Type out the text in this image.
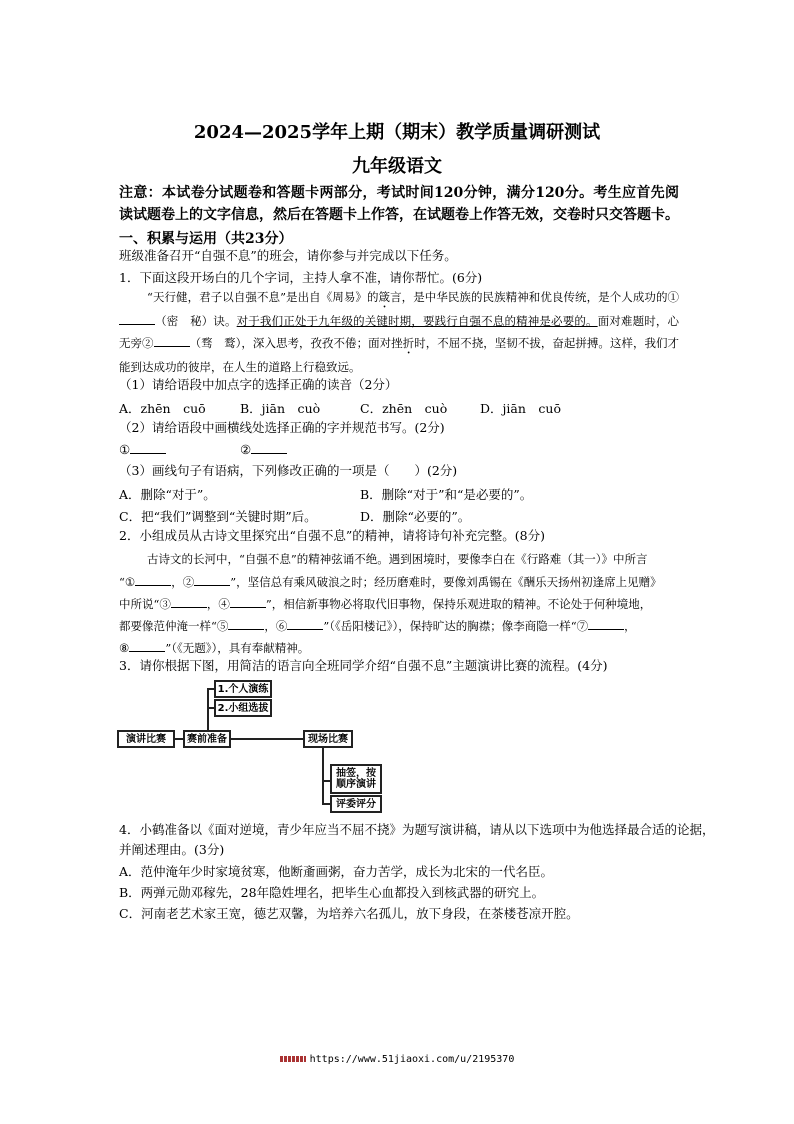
2024—2025学年上期（期末）教学质量调研测试
九年级语文
注意：本试卷分试题卷和答题卡两部分，考试时间120分钟，满分120分。考生应首先阅读试题卷上的文字信息，然后在答题卡上作答，在试题卷上作答无效，交卷时只交答题卡。
一、积累与运用（共23分）
班级准备召开“自强不息”的班会，请你参与并完成以下任务。
1．下面这段开场白的几个字词，主持人拿不准，请你帮忙。(6分)
“天行健，君子以自强不息”是出自《周易》的箴言，是中华民族的民族精神和优良传统，是个人成功的①（密　秘）诀。对于我们正处于九年级的关键时期，要践行自强不息的精神是必要的。面对难题时，心无旁②	（骛　鹜），深入思考，孜孜不倦；面对挫折时，不屈不挠，坚韧不拔，奋起拼搏。这样，我们才能到达成功的彼岸，在人生的道路上行稳致远。
（1）请给语段中加点字的选择正确的读音（2分）
A．zhēn　cuō	B．jiān　cuò	C．zhēn　cuò	D．jiān　cuō
（2）请给语段中画横线处选择正确的字并规范书写。(2分)
①	②
（3）画线句子有语病，下列修改正确的一项是（　　）(2分)
A．删除“对于”。	B．删除“对于”和“是必要的”。
C．把“我们”调整到“关键时期”后。	D．删除“必要的”。
2．小组成员从古诗文里探究出“自强不息”的精神，请将诗句补充完整。(8分)
古诗文的长河中，“自强不息”的精神弦诵不绝。遇到困境时，要像李白在《行路难（其一）》中所言
“①	，②	”，坚信总有乘风破浪之时；经历磨难时，要像刘禹锡在《酬乐天扬州初逢席上见赠》
中所说“③	，④	”，相信新事物必将取代旧事物，保持乐观进取的精神。不论处于何种境地，
都要像范仲淹一样“⑤	，⑥	”（《岳阳楼记》），保持旷达的胸襟；像李商隐一样“⑦	，
⑧	”（《无题》），具有奉献精神。
3．请你根据下图，用简洁的语言向全班同学介绍“自强不息”主题演讲比赛的流程。(4分)
演讲比赛	赛前准备
1.个人演练
2.小组选拔
现场比赛
抽签，按顺序演讲
评委评分
4．小鹤准备以《面对逆境，青少年应当不屈不挠》为题写演讲稿，请从以下选项中为他选择最合适的论据，
并阐述理由。(3分)
A．范仲淹年少时家境贫寒，他断齑画粥，奋力苦学，成长为北宋的一代名臣。
B．两弹元勋邓稼先，28年隐姓埋名，把毕生心血都投入到核武器的研究上。
C．河南老艺术家王宽，德艺双馨，为培养六名孤儿，放下身段，在茶楼苍凉开腔。
https://www.51jiaoxi.com/u/2195370
